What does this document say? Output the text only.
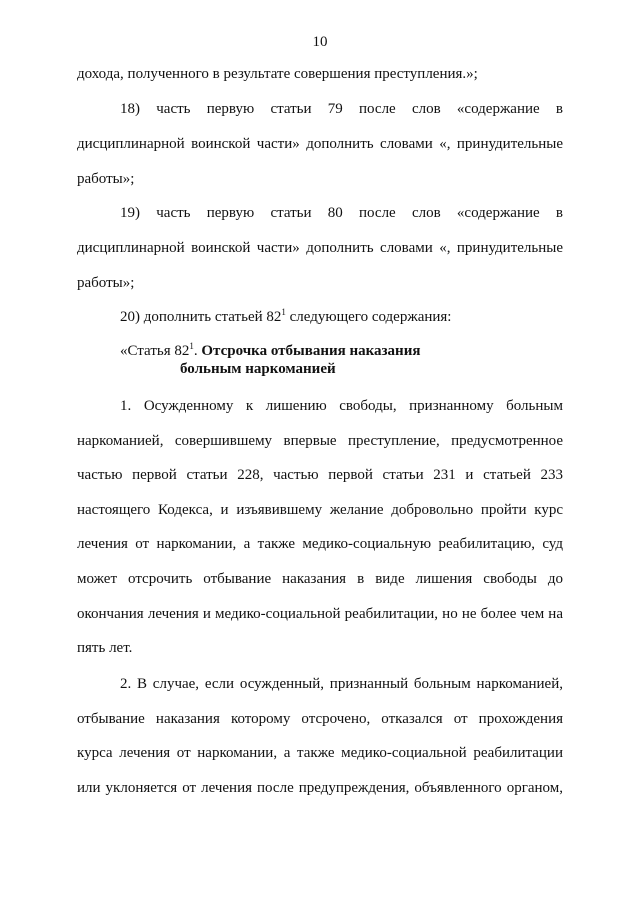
10
дохода, полученного в результате совершения преступления.»;
18) часть первую статьи 79 после слов «содержание в
дисциплинарной воинской части» дополнить словами «, принудительные
работы»;
19) часть первую статьи 80 после слов «содержание в
дисциплинарной воинской части» дополнить словами «, принудительные
работы»;
20) дополнить статьей $82^1$ следующего содержания:
«Статья $82^1$. Отсрочка отбывания наказания
больным наркоманией
1. Осужденному к лишению свободы, признанному больным
наркоманией, совершившему впервые преступление, предусмотренное
частью первой статьи 228, частью первой статьи 231 и статьей 233
настоящего Кодекса, и изъявившему желание добровольно пройти курс
лечения от наркомании, а также медико-социальную реабилитацию, суд
может отсрочить отбывание наказания в виде лишения свободы до
окончания лечения и медико-социальной реабилитации, но не более чем на
пять лет.
2. В случае, если осужденный, признанный больным наркоманией,
отбывание наказания которому отсрочено, отказался от прохождения
курса лечения от наркомании, а также медико-социальной реабилитации
или уклоняется от лечения после предупреждения, объявленного органом,
